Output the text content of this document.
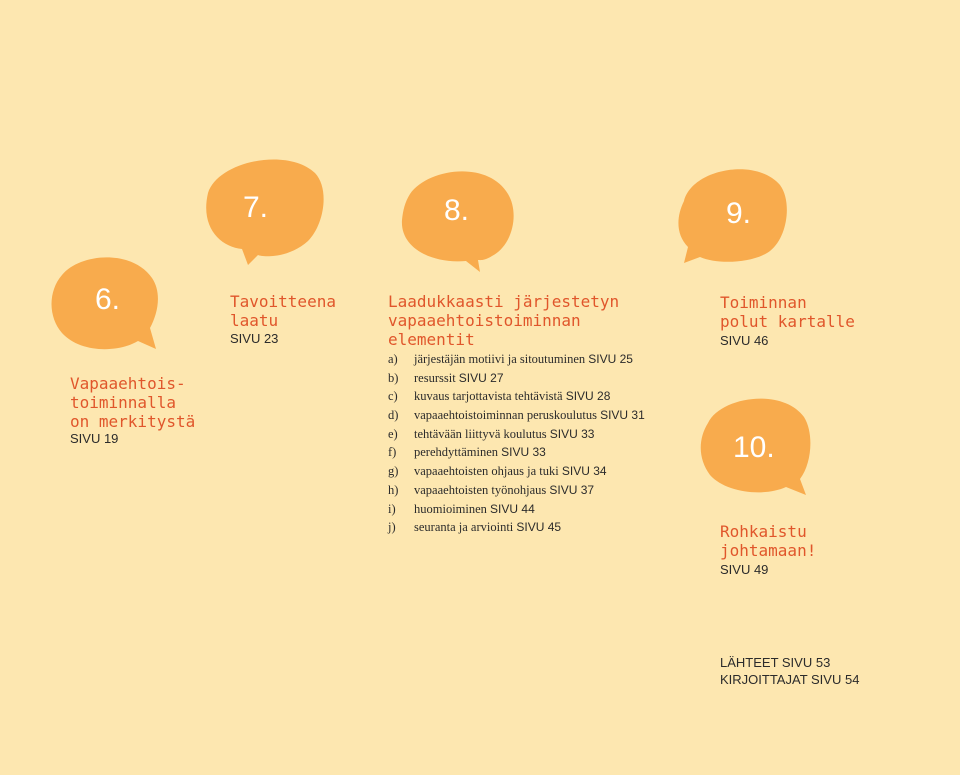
6.
7.	8.	9.
10.
Vapaaehtois-
toiminnalla
on merkitystä
SIVU 19
Tavoitteena
laatu
SIVU 23
Laadukkaasti järjestetyn
vapaaehtoistoiminnan
elementit
a) järjestäjän motiivi ja sitoutuminen SIVU 25
b) resurssit SIVU 27
c) kuvaus tarjottavista tehtävistä SIVU 28
d) vapaaehtoistoiminnan peruskoulutus SIVU 31
e) tehtävään liittyvä koulutus SIVU 33
f) perehdyttäminen SIVU 33
g) vapaaehtoisten ohjaus ja tuki SIVU 34
h) vapaaehtoisten työnohjaus SIVU 37
i) huomioiminen SIVU 44
j) seuranta ja arviointi SIVU 45
Toiminnan
polut kartalle
SIVU 46
Rohkaistu
johtamaan!
SIVU 49
LÄHTEET SIVU 53
KIRJOITTAJAT SIVU 54
